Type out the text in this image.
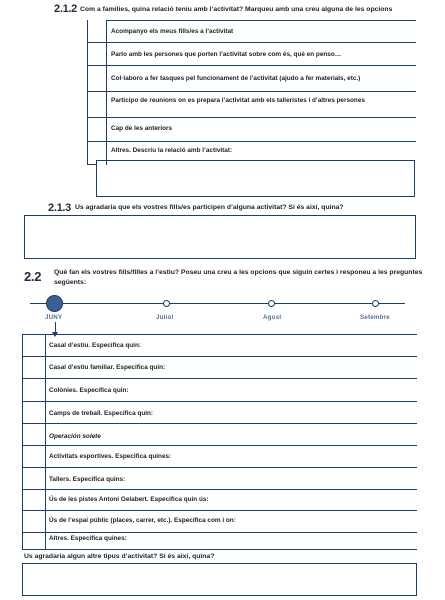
2.1.2 Com a families, quina relació teniu amb l’activitat? Marqueu amb una creu alguna de les opcions
Acompanyo els meus fills/es a l’activitat
Parlo amb les persones que porten l’activitat sobre com és, què en penso…
Col·laboro a fer tasques pel funcionament de l’activitat (ajudo a fer materials, etc.)
Participo de reunions on es prepara l’activitat amb els talleristes i d’altres persones
Cap de les anteriors
Altres. Descriu la relació amb l’activitat:
2.1.3 Us agradaria que els vostres fills/es participen d’alguna activitat? Si és així, quina?
2.2 Què fan els vostres fills/filles a l’estiu? Poseu una creu a les opcions que siguin certes i responeu a les preguntes
següents:
JUNY	Juliol	Agost	Setembre
Casal d’estiu. Especifica quin:
Casal d’estiu familiar. Especifica quin:
Colònies. Especifica quin:
Camps de treball. Especifica quin:
Operación solete
Activitats esportives. Especifica quines:
Tallers. Especifica quins:
Ús de les pistes Antoni Gelabert. Especifica quin ús:
Ús de l’espai públic (places, carrer, etc.). Especifica com i on:
Altres. Especifica quines:
Us agradaria algun altre tipus d’activitat? Si és així, quina?
